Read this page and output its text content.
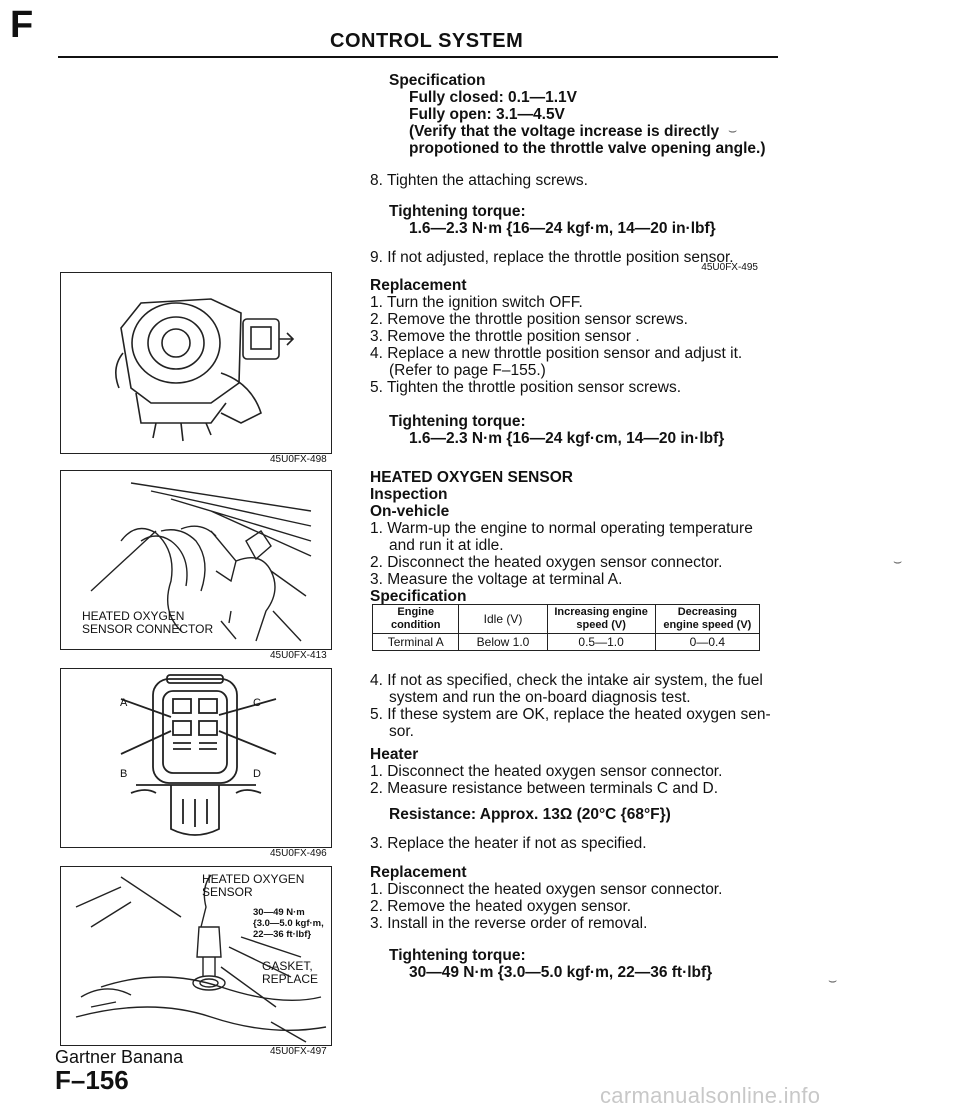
F	CONTROL SYSTEM
Specification
Fully closed: 0.1—1.1V
Fully open: 3.1—4.5V
(Verify that the voltage increase is directly
propotioned to the throttle valve opening angle.)
⌣
8. Tighten the attaching screws.
Tightening torque:
1.6—2.3 N·m {16—24 kgf·m, 14—20 in·lbf}
9. If not adjusted, replace the throttle position sensor.
45U0FX-495
Replacement
1. Turn the ignition switch OFF.
2. Remove the throttle position sensor screws.
3. Remove the throttle position sensor .
4. Replace a new throttle position sensor and adjust it.
(Refer to page F–155.)
5. Tighten the throttle position sensor screws.
Tightening torque:
1.6—2.3 N·m {16—24 kgf·cm, 14—20 in·lbf}
HEATED OXYGEN SENSOR
Inspection
On-vehicle
1. Warm-up the engine to normal operating temperature
and run it at idle.
2. Disconnect the heated oxygen sensor connector.
3. Measure the voltage at terminal A.
⌣
Specification
Engine condition	Idle (V)	Increasing engine speed (V)	Decreasing engine speed (V)
Terminal A	Below 1.0	0.5—1.0	0—0.4
4. If not as specified, check the intake air system, the fuel
system and run the on-board diagnosis test.
5. If these system are OK, replace the heated oxygen sen-
sor.
Heater
1. Disconnect the heated oxygen sensor connector.
2. Measure resistance between terminals C and D.
Resistance: Approx. 13Ω (20°C {68°F})
3. Replace the heater if not as specified.
Replacement
1. Disconnect the heated oxygen sensor connector.
2. Remove the heated oxygen sensor.
3. Install in the reverse order of removal.
Tightening torque:
30—49 N·m {3.0—5.0 kgf·m, 22—36 ft·lbf}	⌣
45U0FX-498
HEATED OXYGEN
SENSOR CONNECTOR
45U0FX-413
A	C
B	D
45U0FX-496
HEATED OXYGEN
SENSOR
30—49 N·m
{3.0—5.0 kgf·m,
22—36 ft·lbf}
GASKET,
REPLACE
45U0FX-497
Gartner Banana
F–156
carmanualsonline.info
